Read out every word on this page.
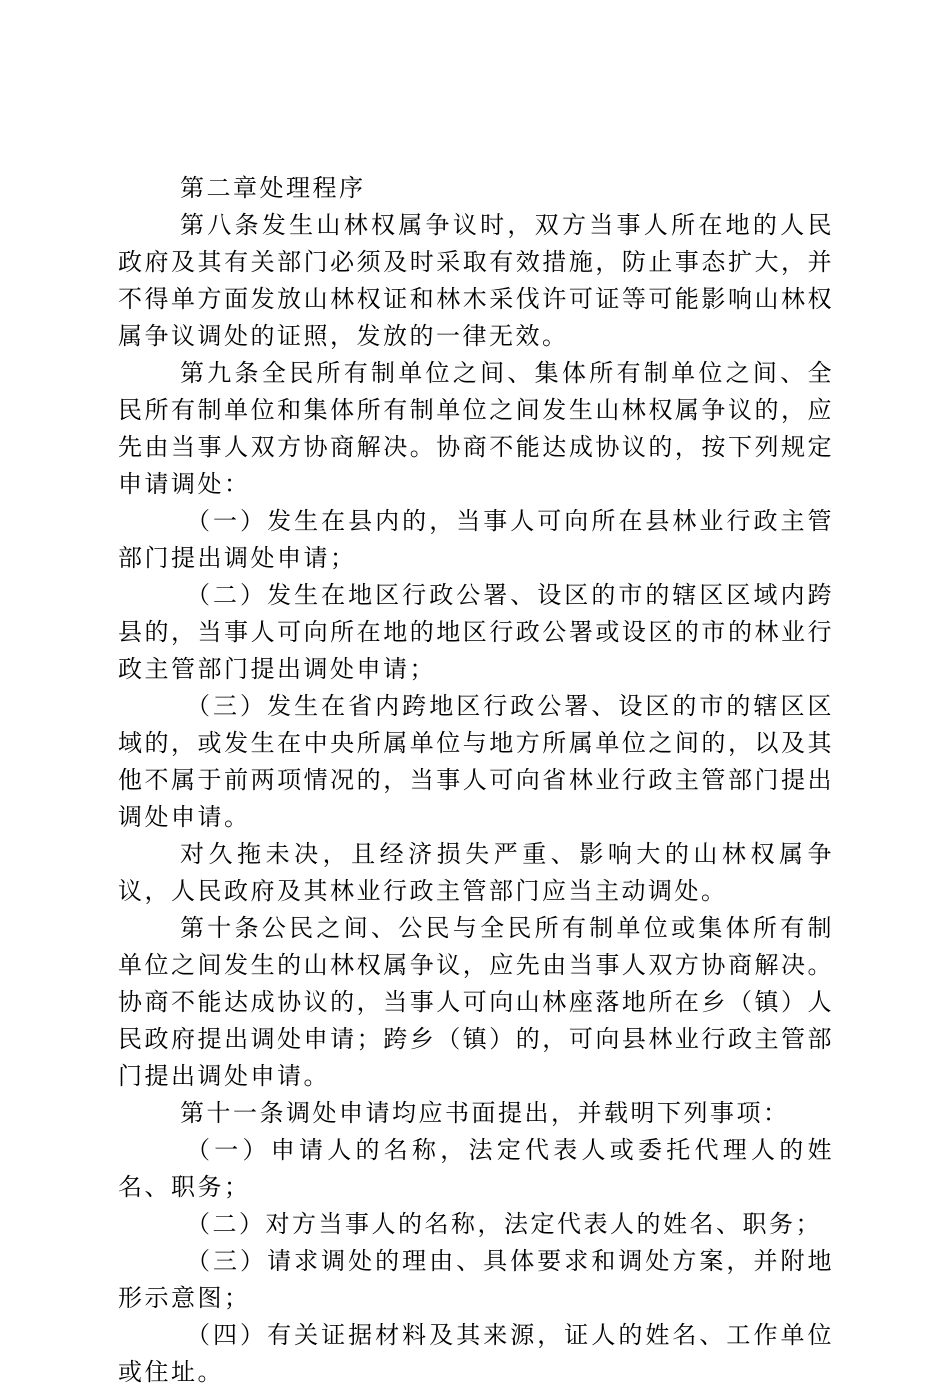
第二章处理程序

第八条发生山林权属争议时，双方当事人所在地的人民政府及其有关部门必须及时采取有效措施，防止事态扩大，并不得单方面发放山林权证和林木采伐许可证等可能影响山林权属争议调处的证照，发放的一律无效。

第九条全民所有制单位之间、集体所有制单位之间、全民所有制单位和集体所有制单位之间发生山林权属争议的，应先由当事人双方协商解决。协商不能达成协议的，按下列规定申请调处：

（一）发生在县内的，当事人可向所在县林业行政主管部门提出调处申请；

（二）发生在地区行政公署、设区的市的辖区区域内跨县的，当事人可向所在地的地区行政公署或设区的市的林业行政主管部门提出调处申请；

（三）发生在省内跨地区行政公署、设区的市的辖区区域的，或发生在中央所属单位与地方所属单位之间的，以及其他不属于前两项情况的，当事人可向省林业行政主管部门提出调处申请。

对久拖未决，且经济损失严重、影响大的山林权属争议，人民政府及其林业行政主管部门应当主动调处。

第十条公民之间、公民与全民所有制单位或集体所有制单位之间发生的山林权属争议，应先由当事人双方协商解决。协商不能达成协议的，当事人可向山林座落地所在乡（镇）人民政府提出调处申请；跨乡（镇）的，可向县林业行政主管部门提出调处申请。

第十一条调处申请均应书面提出，并载明下列事项：

（一）申请人的名称，法定代表人或委托代理人的姓名、职务；

（二）对方当事人的名称，法定代表人的姓名、职务；

（三）请求调处的理由、具体要求和调处方案，并附地形示意图；

（四）有关证据材料及其来源，证人的姓名、工作单位或住址。
